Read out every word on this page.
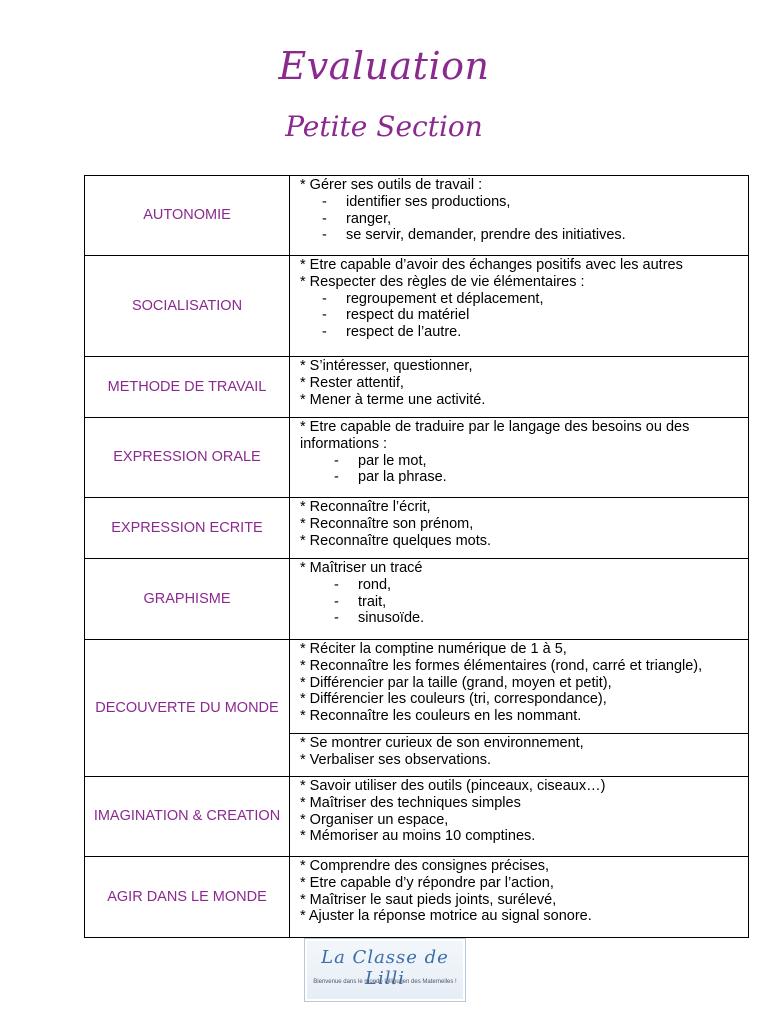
Evaluation
Petite Section
AUTONOMIE	* Gérer ses outils de travail :
- identifier ses productions,
- ranger,
- se servir, demander, prendre des initiatives.

SOCIALISATION	* Etre capable d’avoir des échanges positifs avec les autres
* Respecter des règles de vie élémentaires :
- regroupement et déplacement,
- respect du matériel
- respect de l’autre.

METHODE DE TRAVAIL	* S’intéresser, questionner,
* Rester attentif,
* Mener à terme une activité.

EXPRESSION ORALE	* Etre capable de traduire par le langage des besoins ou des informations :
- par le mot,
- par la phrase.

EXPRESSION ECRITE	* Reconnaître l’écrit,
* Reconnaître son prénom,
* Reconnaître quelques mots.

GRAPHISME	* Maîtriser un tracé
- rond,
- trait,
- sinusoïde.

DECOUVERTE DU MONDE	* Réciter la comptine numérique de 1 à 5,
* Reconnaître les formes élémentaires (rond, carré et triangle),
* Différencier par la taille (grand, moyen et petit),
* Différencier les couleurs (tri, correspondance),
* Reconnaître les couleurs en les nommant.

	* Se montrer curieux de son environnement,
* Verbaliser ses observations.

IMAGINATION & CREATION	* Savoir utiliser des outils (pinceaux, ciseaux…)
* Maîtriser des techniques simples
* Organiser un espace,
* Mémoriser au moins 10 comptines.

AGIR DANS LE MONDE	* Comprendre des consignes précises,
* Etre capable d’y répondre par l’action,
* Maîtriser le saut pieds joints, surélevé,
* Ajuster la réponse motrice au signal sonore.
La Classe de Lilli
Bienvenue dans le monde Lilliputien des Maternelles !
